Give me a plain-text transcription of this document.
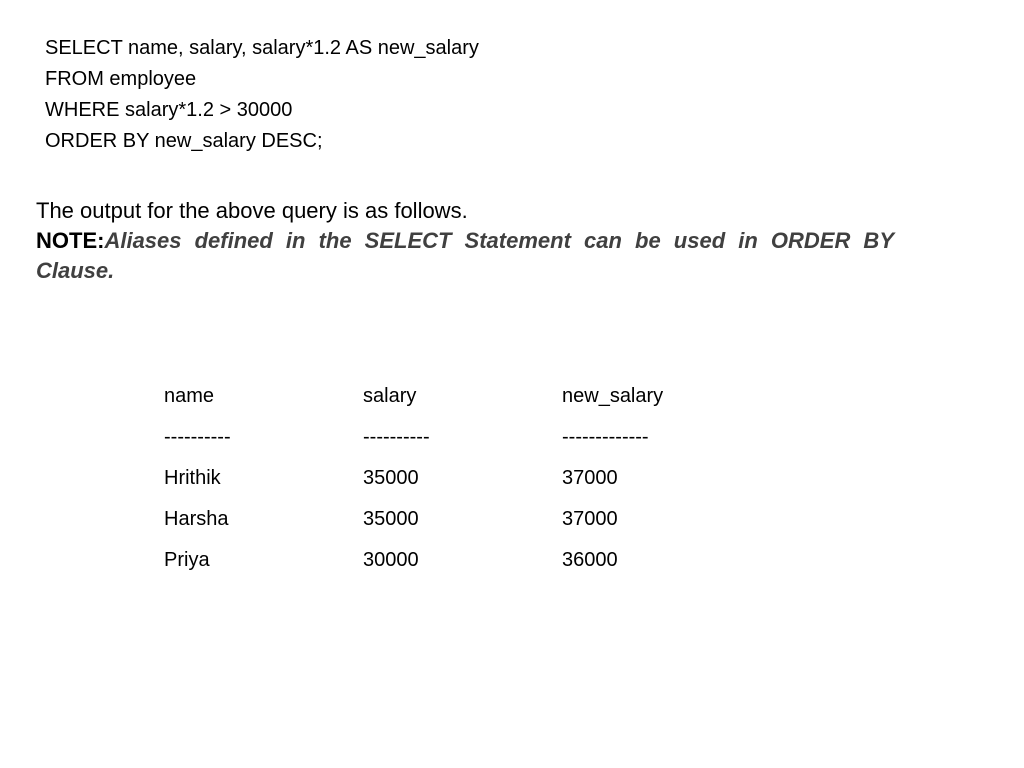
SELECT name, salary, salary*1.2 AS new_salary
FROM employee
WHERE salary*1.2 > 30000
ORDER BY new_salary DESC;
The output for the above query is as follows.
NOTE:Aliases defined in the SELECT Statement can be used in ORDER BY Clause.
name	salary	new_salary
----------	----------	-------------
Hrithik	35000	37000
Harsha	35000	37000
Priya	30000	36000
